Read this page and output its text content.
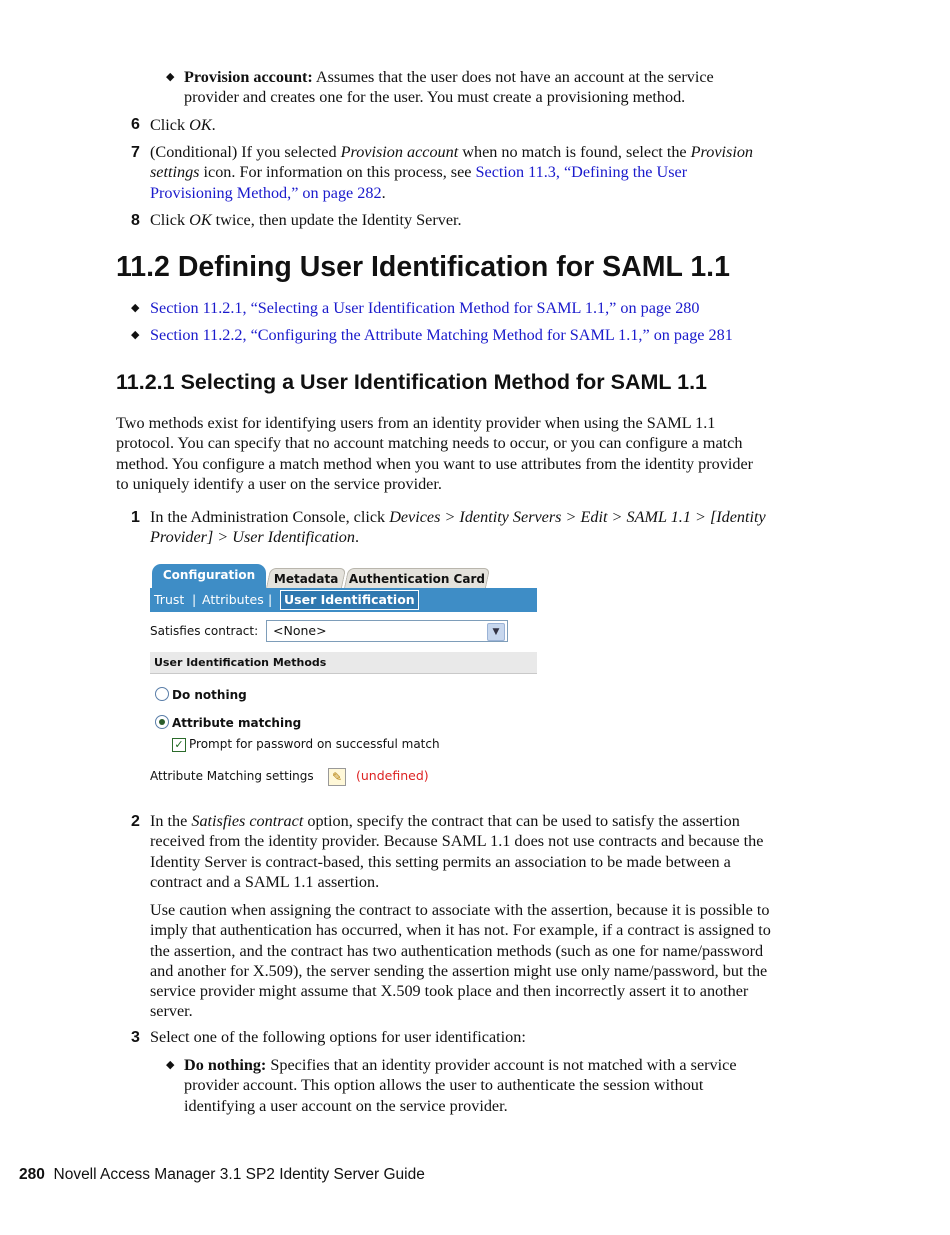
◆ Provision account: Assumes that the user does not have an account at the service

provider and creates one for the user. You must create a provisioning method.

6 Click OK.

7 (Conditional) If you selected Provision account when no match is found, select the Provision

settings icon. For information on this process, see Section 11.3, “Defining the User

Provisioning Method,” on page 282.

8 Click OK twice, then update the Identity Server.

11.2 Defining User Identification for SAML 1.1
◆ Section 11.2.1, “Selecting a User Identification Method for SAML 1.1,” on page 280
◆ Section 11.2.2, “Configuring the Attribute Matching Method for SAML 1.1,” on page 281
11.2.1 Selecting a User Identification Method for SAML 1.1

Two methods exist for identifying users from an identity provider when using the SAML 1.1

protocol. You can specify that no account matching needs to occur, or you can configure a match

method. You configure a match method when you want to use attributes from the identity provider

to uniquely identify a user on the service provider.

1 In the Administration Console, click Devices > Identity Servers > Edit > SAML 1.1 > [Identity

Provider] > User Identification.

Configuration	Metadata Authentication Card
Trust | Attributes | User Identification
Satisfies contract: <None>	▼
User Identification Methods
Do nothing
Attribute matching
✓ Prompt for password on successful match
Attribute Matching settings	✎	(undefined)
2 In the Satisfies contract option, specify the contract that can be used to satisfy the assertion

received from the identity provider. Because SAML 1.1 does not use contracts and because the

Identity Server is contract-based, this setting permits an association to be made between a

contract and a SAML 1.1 assertion.

Use caution when assigning the contract to associate with the assertion, because it is possible to

imply that authentication has occurred, when it has not. For example, if a contract is assigned to

the assertion, and the contract has two authentication methods (such as one for name/password

and another for X.509), the server sending the assertion might use only name/password, but the

service provider might assume that X.509 took place and then incorrectly assert it to another

server.

3 Select one of the following options for user identification:
◆ Do nothing: Specifies that an identity provider account is not matched with a service

provider account. This option allows the user to authenticate the session without

identifying a user account on the service provider.

280 Novell Access Manager 3.1 SP2 Identity Server Guide
